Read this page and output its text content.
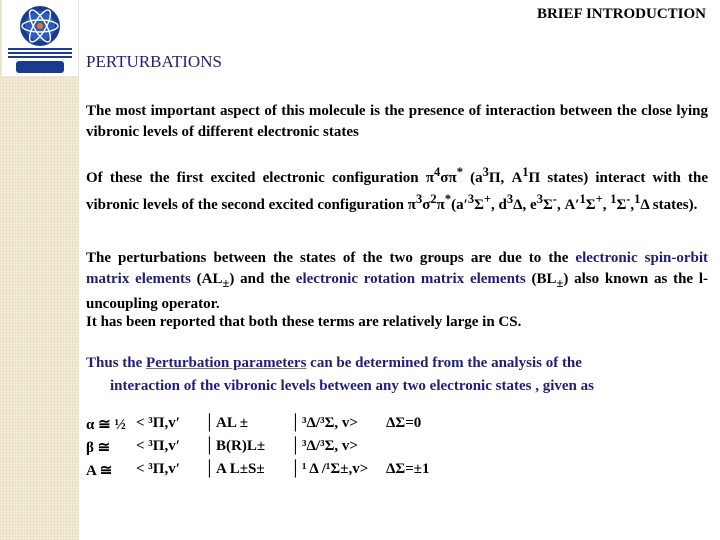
BRIEF INTRODUCTION
PERTURBATIONS
The most important aspect of this molecule is the presence of interaction between the close lying vibronic levels of different electronic states
Of these the first excited electronic configuration $\pi^4\sigma\pi^*$ ($a^3\Pi$, $A^1\Pi$ states) interact with the vibronic levels of the second excited configuration $\pi^3\sigma^2\pi^*(a'^3\Sigma^+$, $d^3\Delta$, $e^3\Sigma^-$, $A'^1\Sigma^+$, $^1$Σ-,$^1$Δ states).
The perturbations between the states of the two groups are due to the electronic spin-orbit matrix elements $(AL_\pm)$ and the electronic rotation matrix elements $(BL_\pm)$ also known as the l-uncoupling operator.
It has been reported that both these terms are relatively large in CS.
Thus the Perturbation parameters can be determined from the analysis of the
interaction of the vibronic levels between any two electronic states , given as
α ≅ ½ < ³Π,v′ │ AL ±	│ ³Δ/³Σ, v> ΔΣ=0
β ≅	< ³Π,v′ │ B(R)L± │ ³Δ/³Σ, v>
A ≅	< ³Π,v′ │ A L±S± │ ¹ Δ /¹Σ±,v> ΔΣ=±1
